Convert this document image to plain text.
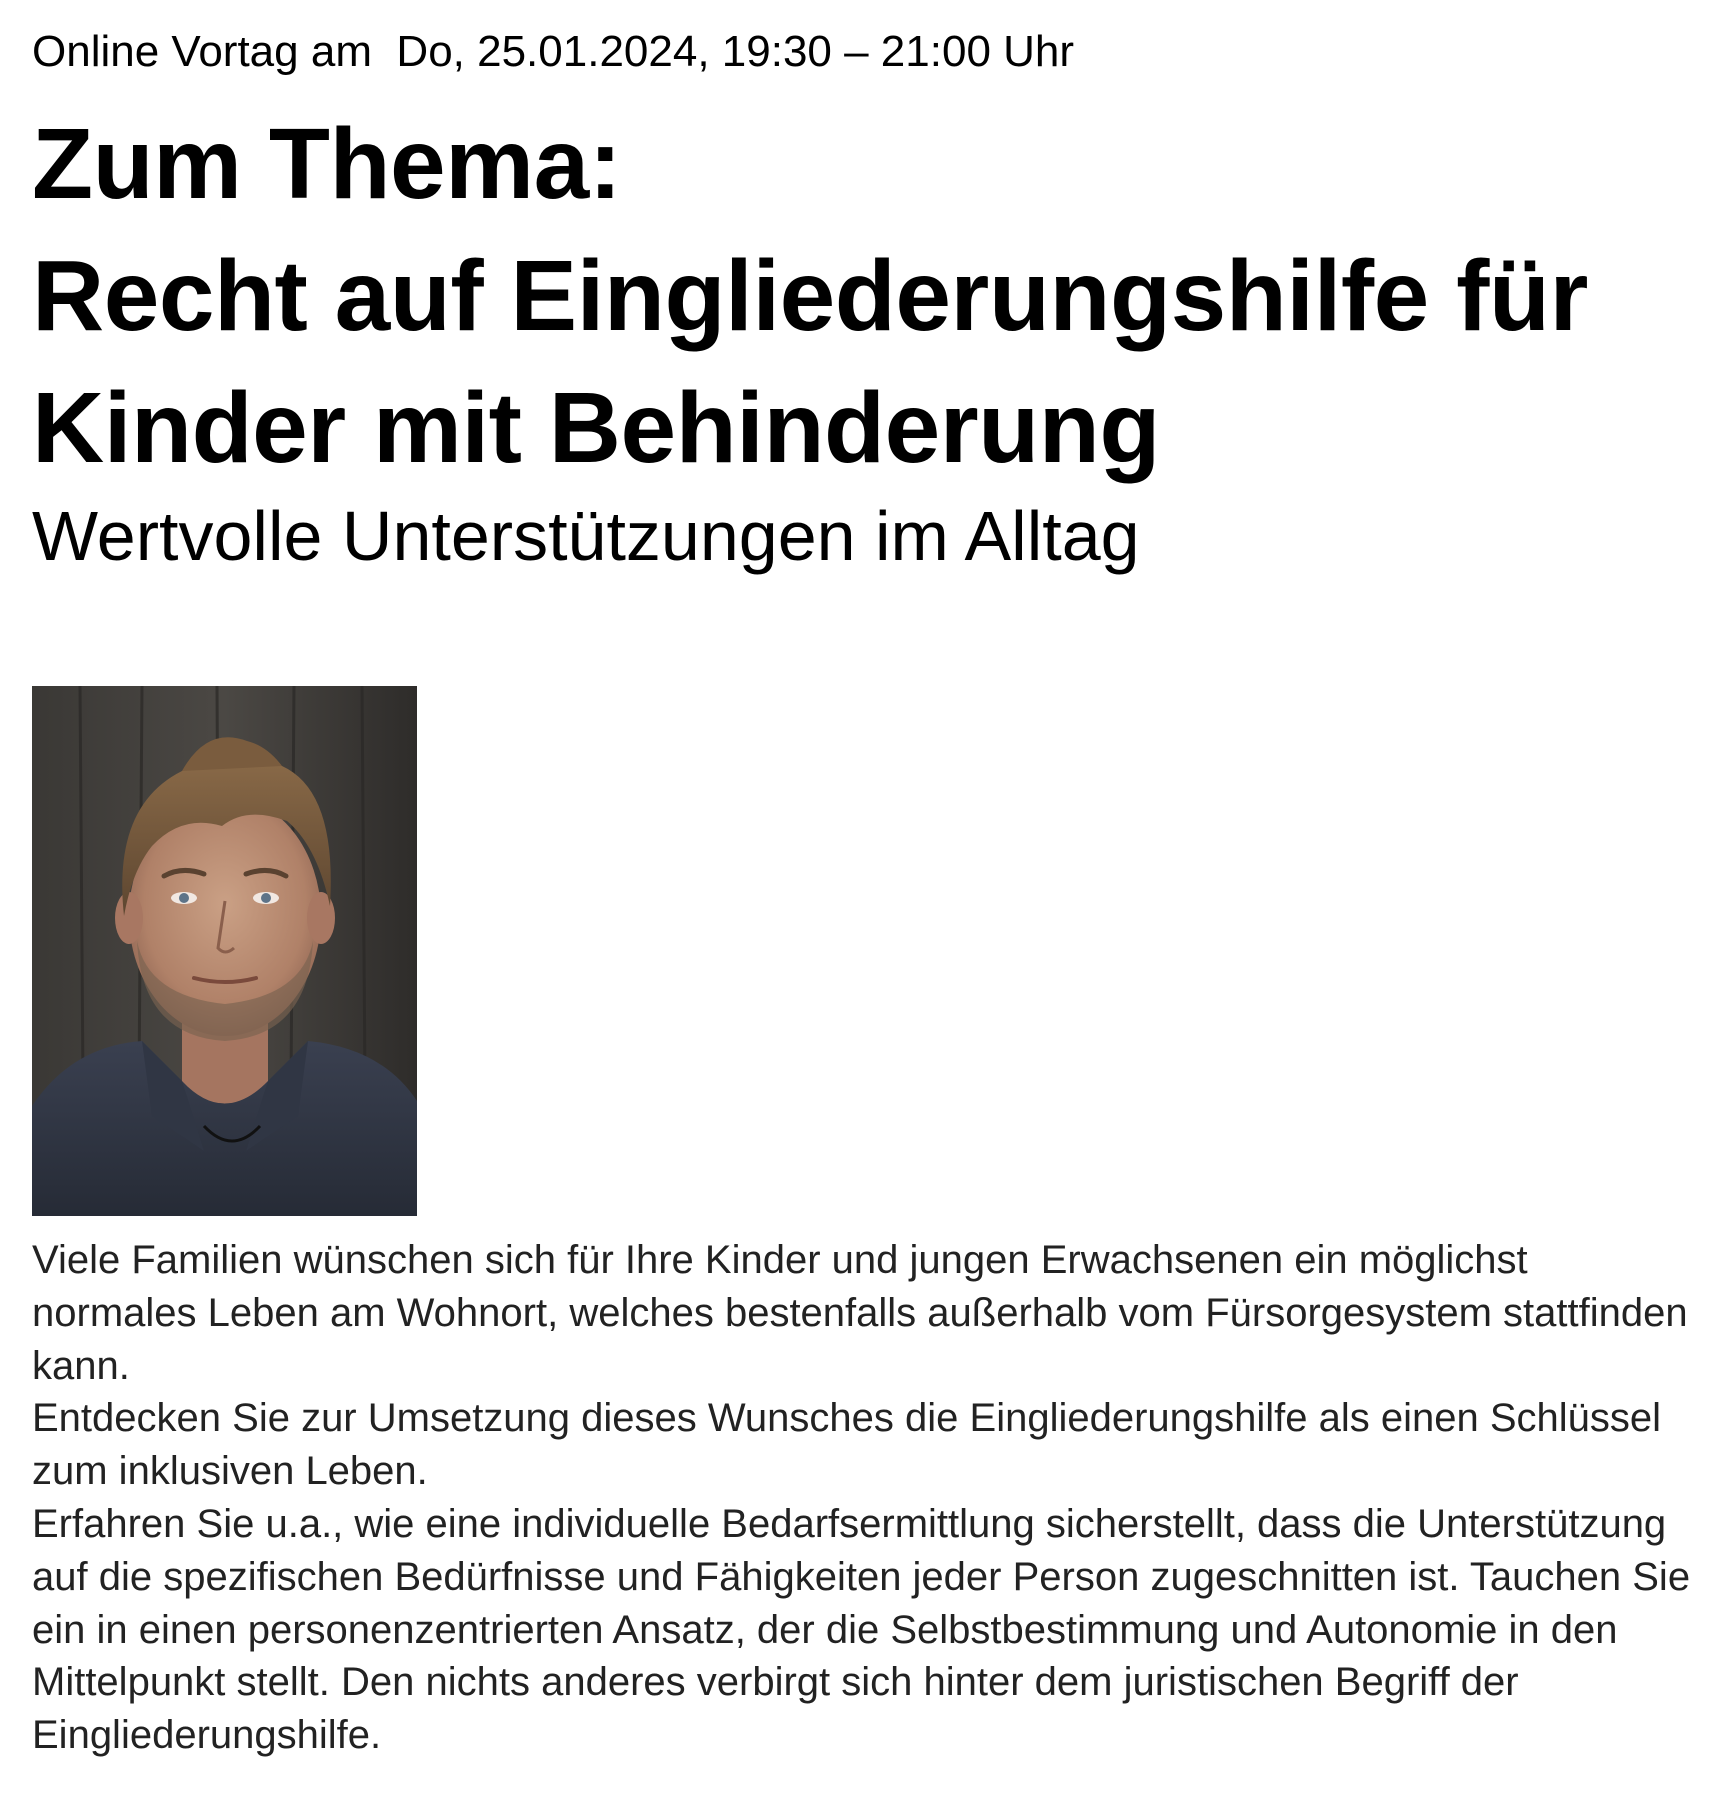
Online Vortag am  Do, 25.01.2024, 19:30 – 21:00 Uhr
Zum Thema:
Recht auf Eingliederungshilfe für
Kinder mit Behinderung
Wertvolle Unterstützungen im Alltag

Viele Familien wünschen sich für Ihre Kinder und jungen Erwachsenen ein möglichst normales Leben am Wohnort, welches bestenfalls außerhalb vom Fürsorgesystem stattfinden kann.

Entdecken Sie zur Umsetzung dieses Wunsches die Eingliederungshilfe als einen Schlüssel zum inklusiven Leben.

Erfahren Sie u.a., wie eine individuelle Bedarfsermittlung sicherstellt, dass die Unterstützung auf die spezifischen Bedürfnisse und Fähigkeiten jeder Person zugeschnitten ist. Tauchen Sie ein in einen personenzentrierten Ansatz, der die Selbstbestimmung und Autonomie in den Mittelpunkt stellt. Den nichts anderes verbirgt sich hinter dem juristischen Begriff der Eingliederungshilfe.
